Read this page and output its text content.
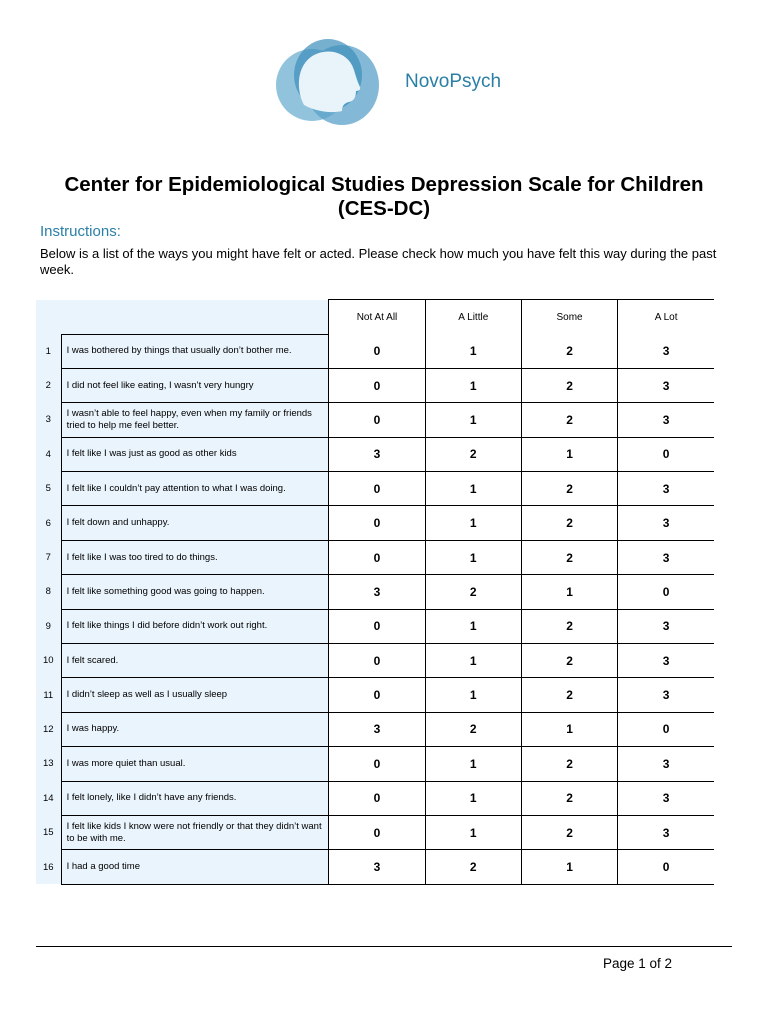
NovoPsych
Center for Epidemiological Studies Depression Scale for Children (CES-DC)
Instructions:
Below is a list of the ways you might have felt or acted. Please check how much you have felt this way during the past week.
		Not At All	A Little	Some	A Lot
1	I was bothered by things that usually don’t bother me.	0	1	2	3
2	I did not feel like eating, I wasn’t very hungry	0	1	2	3
3	I wasn’t able to feel happy, even when my family or friends tried to help me feel better.	0	1	2	3
4	I felt like I was just as good as other kids	3	2	1	0
5	I felt like I couldn’t pay attention to what I was doing.	0	1	2	3
6	I felt down and unhappy.	0	1	2	3
7	I felt like I was too tired to do things.	0	1	2	3
8	I felt like something good was going to happen.	3	2	1	0
9	I felt like things I did before didn’t work out right.	0	1	2	3
10	I felt scared.	0	1	2	3
11	I didn’t sleep as well as I usually sleep	0	1	2	3
12	I was happy.	3	2	1	0
13	I was more quiet than usual.	0	1	2	3
14	I felt lonely, like I didn’t have any friends.	0	1	2	3
15	I felt like kids I know were not friendly or that they didn’t want to be with me.	0	1	2	3
16	I had a good time	3	2	1	0
Page 1 of 2
